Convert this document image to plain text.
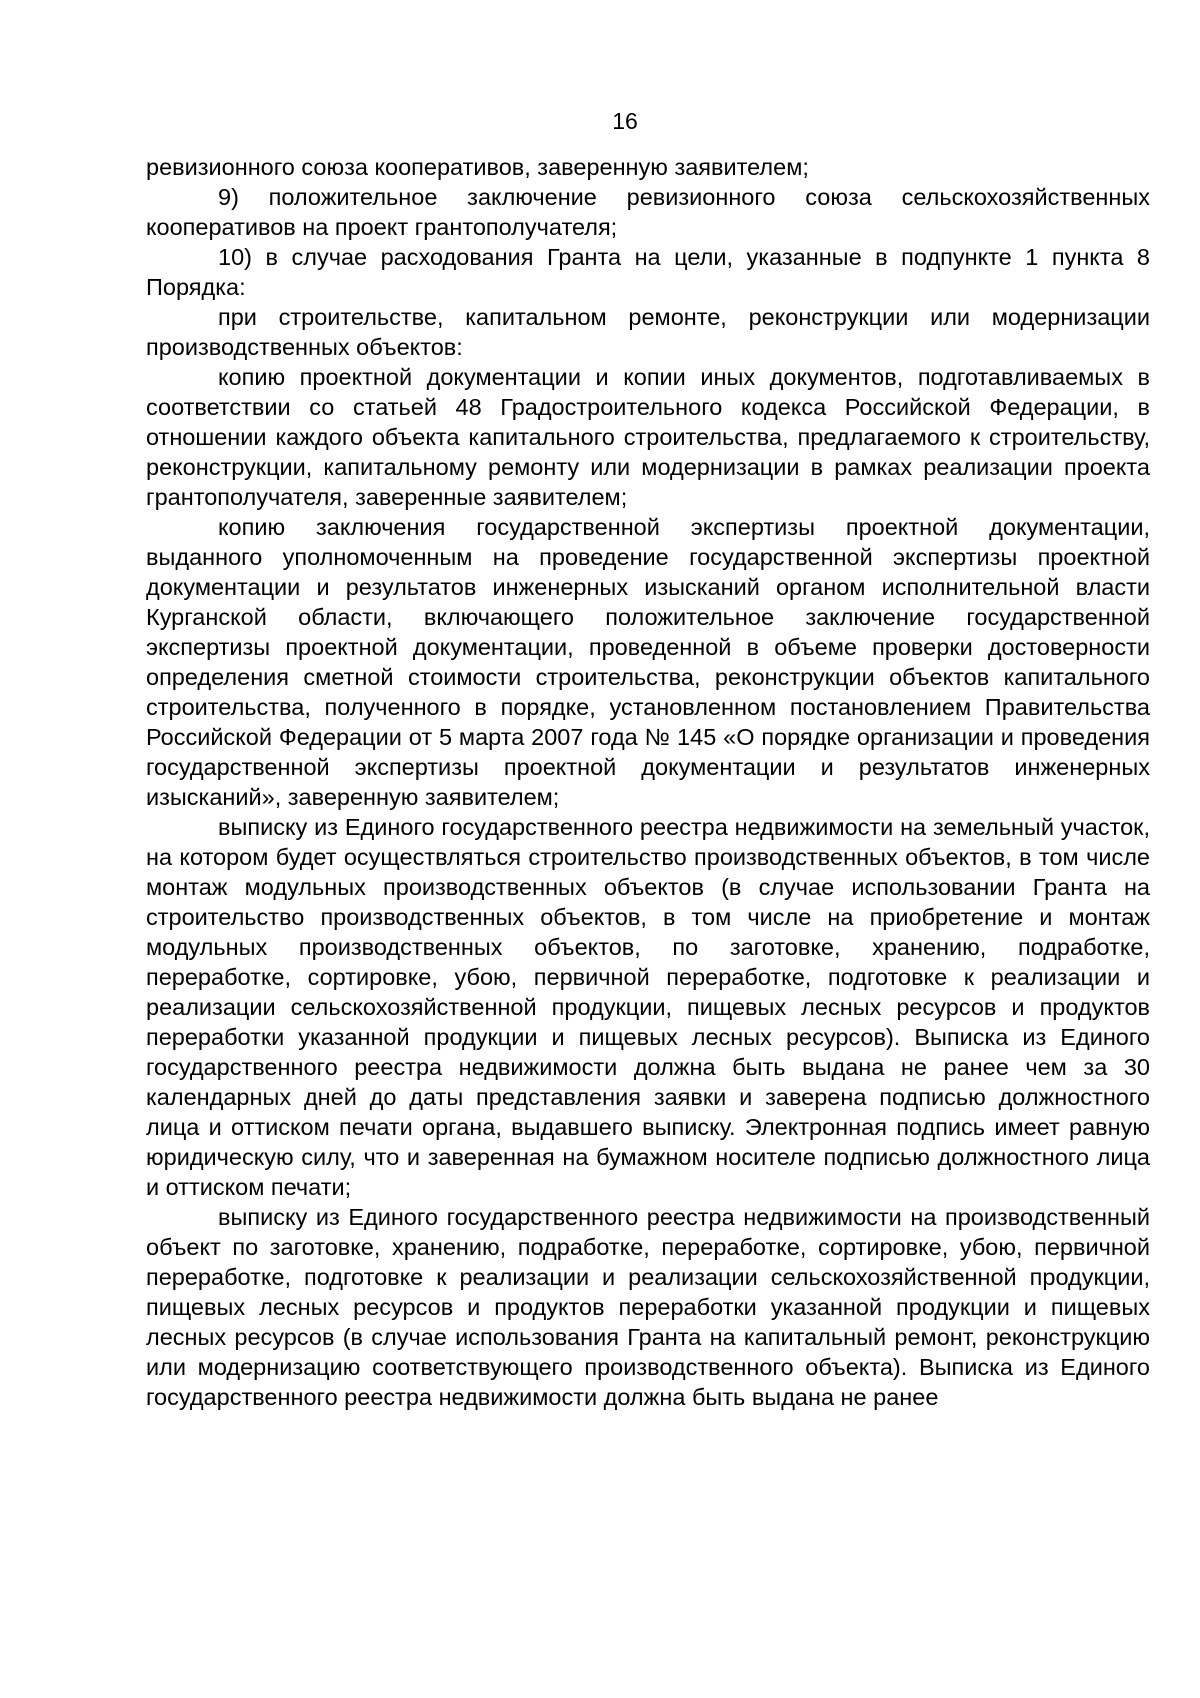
16

ревизионного союза кооперативов, заверенную заявителем;

9) положительное заключение ревизионного союза сельскохозяйственных кооперативов на проект грантополучателя;

10) в случае расходования Гранта на цели, указанные в подпункте 1 пункта 8 Порядка:

при строительстве, капитальном ремонте, реконструкции или модернизации производственных объектов:

копию проектной документации и копии иных документов, подготавливаемых в соответствии со статьей 48 Градостроительного кодекса Российской Федерации, в отношении каждого объекта капитального строительства, предлагаемого к строительству, реконструкции, капитальному ремонту или модернизации в рамках реализации проекта грантополучателя, заверенные заявителем;

копию заключения государственной экспертизы проектной документации, выданного уполномоченным на проведение государственной экспертизы проектной документации и результатов инженерных изысканий органом исполнительной власти Курганской области, включающего положительное заключение государственной экспертизы проектной документации, проведенной в объеме проверки достоверности определения сметной стоимости строительства, реконструкции объектов капитального строительства, полученного в порядке, установленном постановлением Правительства Российской Федерации от 5 марта 2007 года № 145 «О порядке организации и проведения государственной экспертизы проектной документации и результатов инженерных изысканий», заверенную заявителем;

выписку из Единого государственного реестра недвижимости на земельный участок, на котором будет осуществляться строительство производственных объектов, в том числе монтаж модульных производственных объектов (в случае использовании Гранта на строительство производственных объектов, в том числе на приобретение и монтаж модульных производственных объектов, по заготовке, хранению, подработке, переработке, сортировке, убою, первичной переработке, подготовке к реализации и реализации сельскохозяйственной продукции, пищевых лесных ресурсов и продуктов переработки указанной продукции и пищевых лесных ресурсов). Выписка из Единого государственного реестра недвижимости должна быть выдана не ранее чем за 30 календарных дней до даты представления заявки и заверена подписью должностного лица и оттиском печати органа, выдавшего выписку. Электронная подпись имеет равную юридическую силу, что и заверенная на бумажном носителе подписью должностного лица и оттиском печати;

выписку из Единого государственного реестра недвижимости на производственный объект по заготовке, хранению, подработке, переработке, сортировке, убою, первичной переработке, подготовке к реализации и реализации сельскохозяйственной продукции, пищевых лесных ресурсов и продуктов переработки указанной продукции и пищевых лесных ресурсов (в случае использования Гранта на капитальный ремонт, реконструкцию или модернизацию соответствующего производственного объекта). Выписка из Единого государственного реестра недвижимости должна быть выдана не ранее
